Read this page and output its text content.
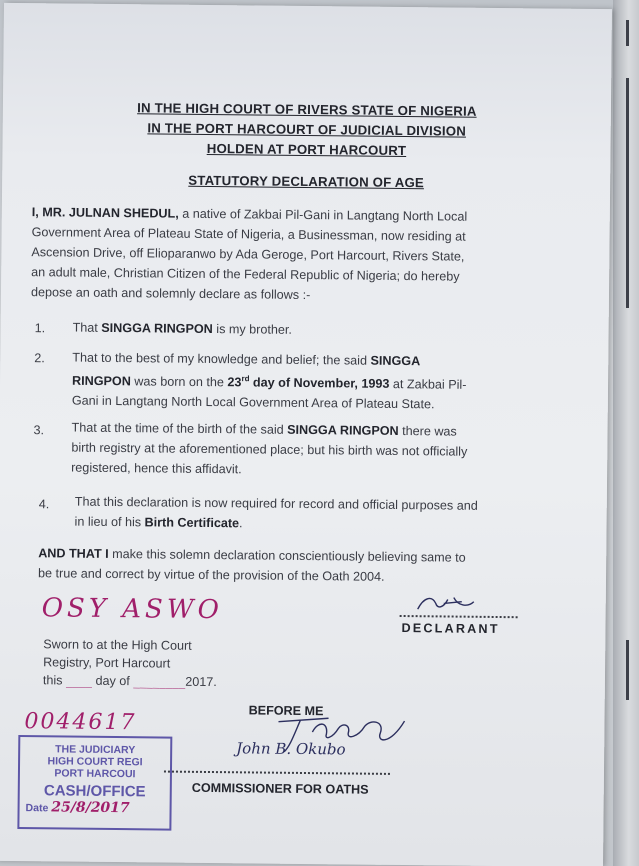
IN THE HIGH COURT OF RIVERS STATE OF NIGERIA
IN THE PORT HARCOURT OF JUDICIAL DIVISION
HOLDEN AT PORT HARCOURT
STATUTORY DECLARATION OF AGE
I, MR. JULNAN SHEDUL, a native of Zakbai Pil-Gani in Langtang North Local
Government Area of Plateau State of Nigeria, a Businessman, now residing at
Ascension Drive, off Elioparanwo by Ada Geroge, Port Harcourt, Rivers State,
an adult male, Christian Citizen of the Federal Republic of Nigeria; do hereby
depose an oath and solemnly declare as follows :-
1. That SINGGA RINGPON is my brother.
2. That to the best of my knowledge and belief; the said SINGGA
RINGPON was born on the 23rd day of November, 1993 at Zakbai Pil-
Gani in Langtang North Local Government Area of Plateau State.
3. That at the time of the birth of the said SINGGA RINGPON there was
birth registry at the aforementioned place; but his birth was not officially
registered, hence this affidavit.
4. That this declaration is now required for record and official purposes and
in lieu of his Birth Certificate.
AND THAT I make this solemn declaration conscientiously believing same to
be true and correct by virtue of the provision of the Oath 2004.
OSY ASWO
DECLARANT
Sworn to at the High Court
Registry, Port Harcourt
this ____ day of ________2017.
BEFORE ME
John B. Okubo
COMMISSIONER FOR OATHS
0044617
THE JUDICIARY
HIGH COURT REGI
PORT HARCOUI
CASH/OFFICE
Date 25/8/2017
